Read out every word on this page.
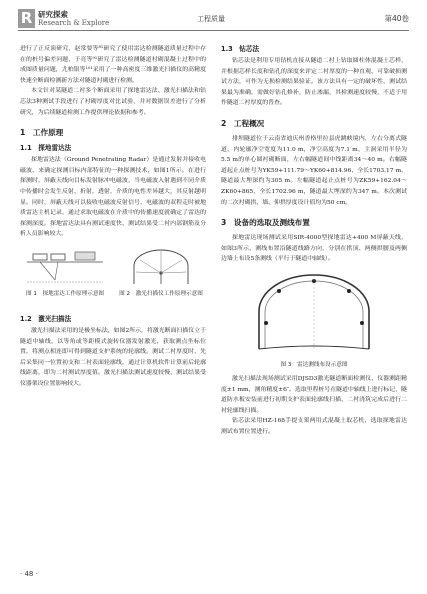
R 研究探索
Research & Explore	工程质量	第40卷

进行了正反演研究，赵常要等⁸¹研究了使用雷达检测隧道质量过程中存在的桩号偏差问题，于亮等⁹¹研究了雷达检测隧道衬砌混凝土过程中的成图质量问题，尤柏银等¹⁰¹采用了一种高密度三维激光扫描仪的高精度快速全断面检测新方法对隧道衬砌进行检测。

本文针对某隧道二衬多个断面采用了探地雷达法、激光扫描法和钻芯法3种测试手段进行了衬砌厚度对比试验，并对数据误差进行了分析研究，为后续隧道检测工作提供理论依据和参考。

1　工作原理
1.1　探地雷达法

探地雷达法（Ground Penetrating Radar）是通过发射并接收电磁波，来确定探测目标内部特征的一种探测技术，如图1所示。在进行探测时，屏蔽天线向目标发射脉冲电磁波，当电磁波入射遇到不同介质中传播时会发生反射、折射，透射，介质的电性差异越大，其反射越明显。同时，屏蔽天线可以接收电磁波反射信号，电磁波的双程走时被地质雷达主机记录，通过求取电磁波在介质中的传播速度就确定了雷达的探测深度。探地雷达法具有测试速度快、测试结果受二衬内部钢筋及分析人员影响较大。

图 1　探地雷达工作原理示意图	图 2　激光扫描仪工作原理示意图
1.2　激光扫描法

激光扫描法采用的是极坐标法，如图2所示，将激光断面扫描仪立于隧道中轴线，以等角或等距模式旋转仪器发射激光，获取测点坐标位置，将测点相连即可得到隧道支护系统的轮廓线。测试二衬厚度时，先后采集同一位置初支和二衬表面轮廓线，通过计算机软件计算前后轮廓线距离，即为二衬测试厚度值。激光扫描法测试速度较慢，测试结果受仪器架设位置影响较大。

1.3　钻芯法

钻芯法是利用专用钻机直接从隧道二衬上钻取圆柱体混凝土芯样，并根据芯样长度和钻孔的深度来评定二衬厚度的一种直观、可靠破损测试方法，可作为无损检测结果验证。该方法具有一定的破坏性，测试结果最为准确，需做好钻孔修补，防止渗漏，其检测速度较慢，不适于用作隧道二衬厚度的普查。

2　工程概况

排坝隧道位于云南省迪庆州香格里拉县虎跳峡境内，左右分离式隧道，内轮廓净空宽度为11.0 m，净空高度为7.1 m，主洞采用半径为5.5 m的单心圆衬砌断面，左右幅隧道间中线距离34～40 m。右幅隧道起止点桩号为YK59+111.79～YK60+814.96，全长1703.17 m，隧道最大埋深约为305 m。左幅隧道起止点桩号为ZK59+162.04～ZK60+865，全长1702.96 m，隧道最大埋深约为347 m。本次测试的二次衬砌拱、墙、仰拱厚度设计值均为50 cm。

3　设备的选取及测线布置

探地雷达现场测试采用SIR-4000型探地雷达+400 M屏蔽天线，如图3所示，测线布置沿隧道线路方向，分别在拱顶、两侧拱腰及两侧边墙上布设5条测线（平行于隧道中轴线）。

图 3　雷达测线布设示意图

激光扫描法现场测试采用DJSD3激光隧道断面检测仪，仪器测距精度±1 mm，测角精度±6″。选取里程桩号在隧道中轴线上进行标记，隧道防水板安装前进行初期支护表面轮廓线扫描，二衬浇筑完成后进行二衬轮廓线扫描。

钻芯法采用HZ-168手提支架两用式混凝土取芯机，选取探地雷达测试布置位置进行。

· 48 ·
